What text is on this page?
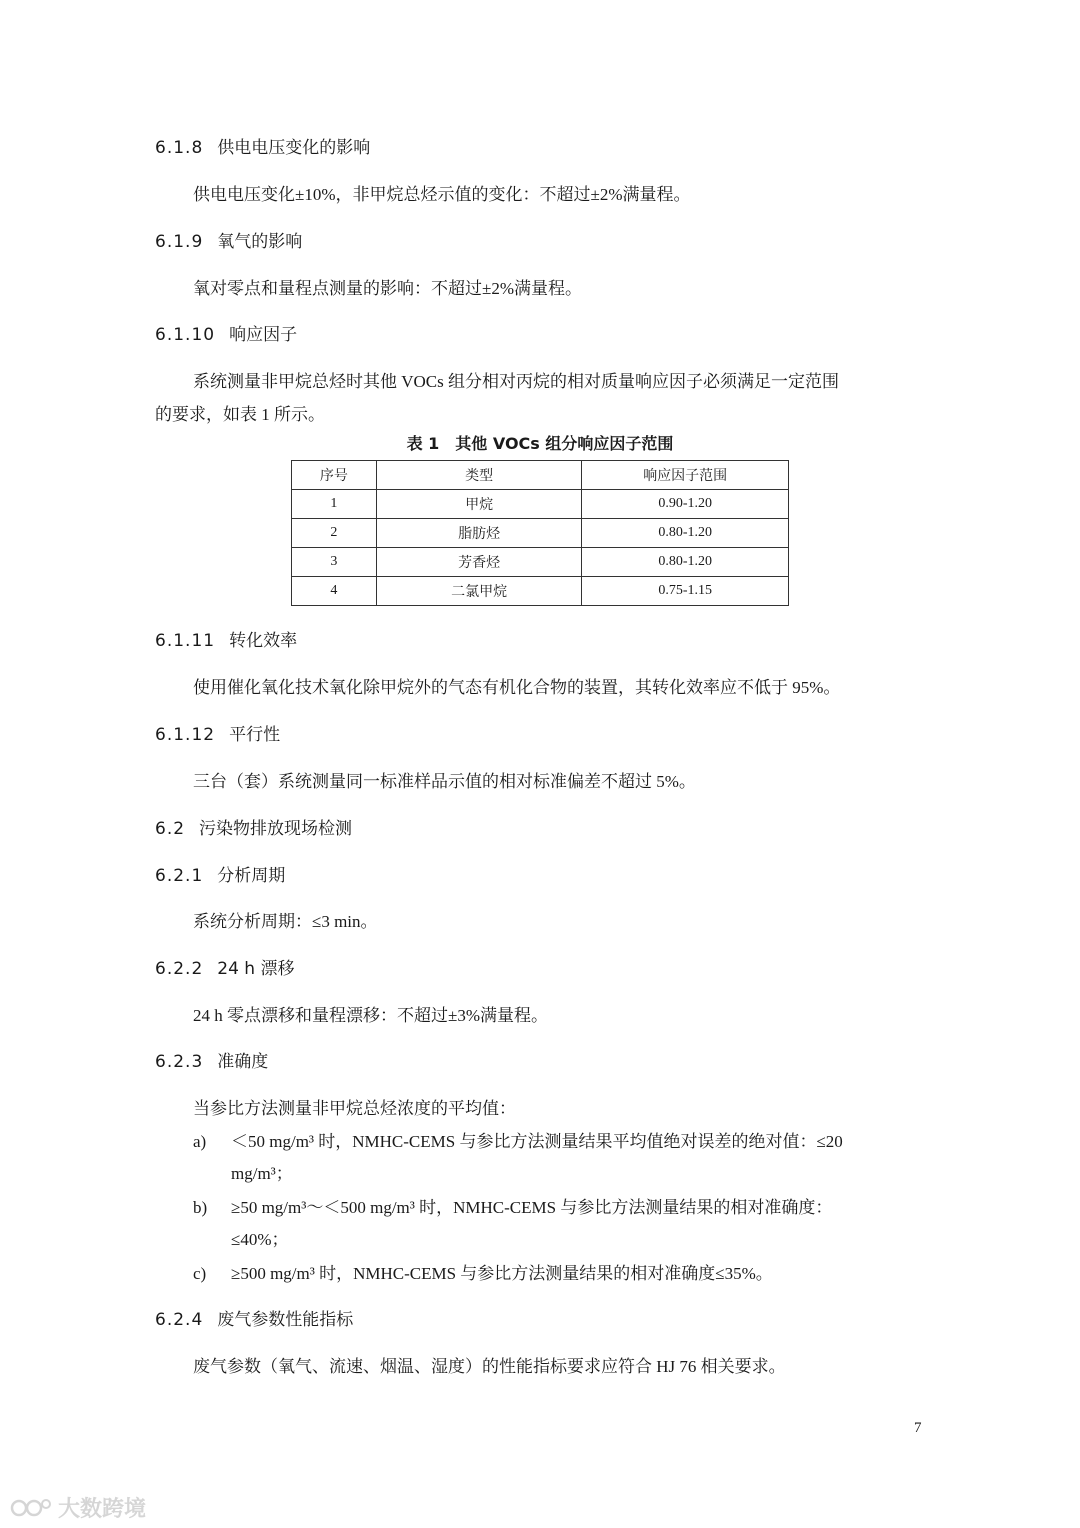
6.1.8 供电电压变化的影响
供电电压变化±10%，非甲烷总烃示值的变化：不超过±2%满量程。
6.1.9 氧气的影响
氧对零点和量程点测量的影响：不超过±2%满量程。
6.1.10 响应因子
系统测量非甲烷总烃时其他 VOCs 组分相对丙烷的相对质量响应因子必须满足一定范围
的要求，如表 1 所示。
表 1　其他 VOCs 组分响应因子范围
序号	类型	响应因子范围
1	甲烷	0.90-1.20
2	脂肪烃	0.80-1.20
3	芳香烃	0.80-1.20
4	二氯甲烷	0.75-1.15
6.1.11 转化效率
使用催化氧化技术氧化除甲烷外的气态有机化合物的装置，其转化效率应不低于 95%。
6.1.12 平行性
三台（套）系统测量同一标准样品示值的相对标准偏差不超过 5%。
6.2 污染物排放现场检测
6.2.1 分析周期
系统分析周期：≤3 min。
6.2.2 24 h 漂移
24 h 零点漂移和量程漂移：不超过±3%满量程。
6.2.3 准确度
当参比方法测量非甲烷总烃浓度的平均值：
a) ＜50 mg/m³ 时，NMHC-CEMS 与参比方法测量结果平均值绝对误差的绝对值：≤20
mg/m³；
b) ≥50 mg/m³～＜500 mg/m³ 时，NMHC-CEMS 与参比方法测量结果的相对准确度：
≤40%；
c) ≥500 mg/m³ 时，NMHC-CEMS 与参比方法测量结果的相对准确度≤35%。
6.2.4 废气参数性能指标
废气参数（氧气、流速、烟温、湿度）的性能指标要求应符合 HJ 76 相关要求。
7
大数跨境
